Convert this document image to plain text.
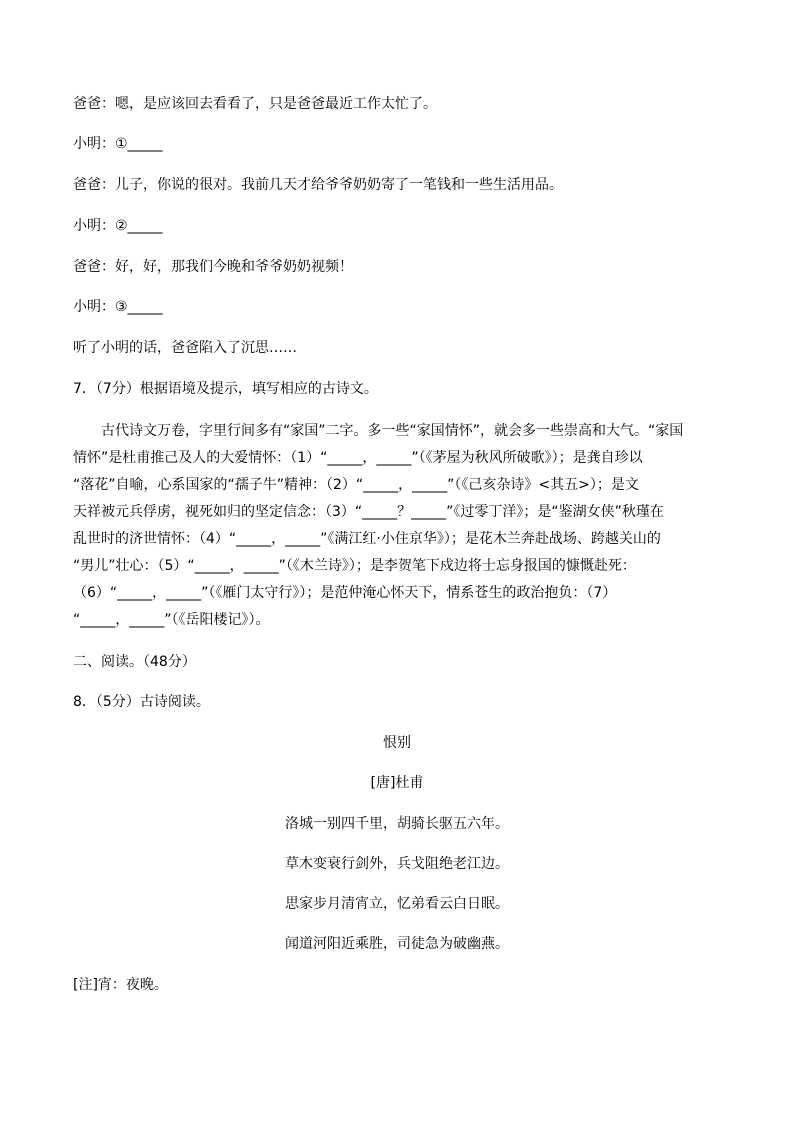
爸爸：嗯，是应该回去看看了，只是爸爸最近工作太忙了。
小明：①_____
爸爸：儿子，你说的很对。我前几天才给爷爷奶奶寄了一笔钱和一些生活用品。
小明：②_____
爸爸：好，好，那我们今晚和爷爷奶奶视频！
小明：③_____
听了小明的话，爸爸陷入了沉思……
7．（7分）根据语境及提示，填写相应的古诗文。
古代诗文万卷，字里行间多有“家国”二字。多一些“家国情怀”，就会多一些崇高和大气。“家国
情怀”是杜甫推己及人的大爱情怀：（1）“_____，_____”（《茅屋为秋风所破歌》）；是龚自珍以
“落花”自喻，心系国家的“孺子牛”精神：（2）“_____，_____”（《己亥杂诗》<其五>）；是文
天祥被元兵俘虏，视死如归的坚定信念：（3）“_____？_____”《过零丁洋》；是“鉴湖女侠”秋瑾在
乱世时的济世情怀：（4）“_____，_____”《满江红·小住京华》）；是花木兰奔赴战场、跨越关山的
“男儿”壮心：（5）“_____，_____”（《木兰诗》）；是李贺笔下戍边将士忘身报国的慷慨赴死：
（6）“_____，_____”（《雁门太守行》）；是范仲淹心怀天下，情系苍生的政治抱负：（7）
“_____，_____”（《岳阳楼记》）。
二、阅读。（48分）
8．（5分）古诗阅读。
恨别
[唐]杜甫
洛城一别四千里，胡骑长驱五六年。
草木变衰行剑外，兵戈阻绝老江边。
思家步月清宵立，忆弟看云白日眠。
闻道河阳近乘胜，司徒急为破幽燕。
[注]宵：夜晚。
